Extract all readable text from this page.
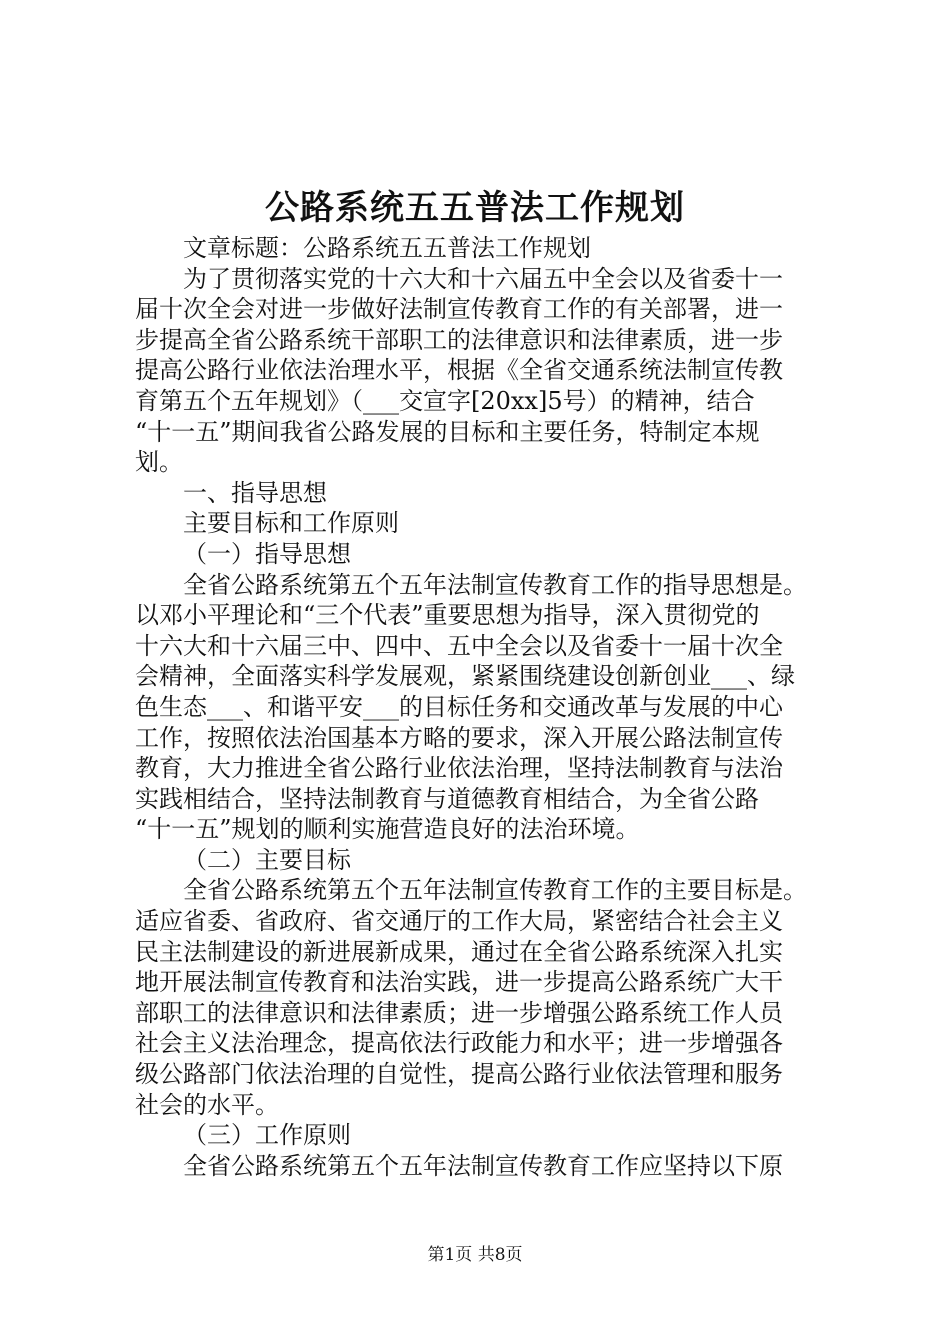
公路系统五五普法工作规划
文章标题：公路系统五五普法工作规划
为了贯彻落实党的十六大和十六届五中全会以及省委十一
届十次全会对进一步做好法制宣传教育工作的有关部署，进一
步提高全省公路系统干部职工的法律意识和法律素质，进一步
提高公路行业依法治理水平，根据《全省交通系统法制宣传教
育第五个五年规划》（___交宣字[20xx]5号）的精神，结合
“十一五”期间我省公路发展的目标和主要任务，特制定本规
划。
一、指导思想
主要目标和工作原则
（一）指导思想
全省公路系统第五个五年法制宣传教育工作的指导思想是。
以邓小平理论和“三个代表”重要思想为指导，深入贯彻党的
十六大和十六届三中、四中、五中全会以及省委十一届十次全
会精神，全面落实科学发展观，紧紧围绕建设创新创业___、绿
色生态___、和谐平安___的目标任务和交通改革与发展的中心
工作，按照依法治国基本方略的要求，深入开展公路法制宣传
教育，大力推进全省公路行业依法治理，坚持法制教育与法治
实践相结合，坚持法制教育与道德教育相结合，为全省公路
“十一五”规划的顺利实施营造良好的法治环境。
（二）主要目标
全省公路系统第五个五年法制宣传教育工作的主要目标是。
适应省委、省政府、省交通厅的工作大局，紧密结合社会主义
民主法制建设的新进展新成果，通过在全省公路系统深入扎实
地开展法制宣传教育和法治实践，进一步提高公路系统广大干
部职工的法律意识和法律素质；进一步增强公路系统工作人员
社会主义法治理念，提高依法行政能力和水平；进一步增强各
级公路部门依法治理的自觉性，提高公路行业依法管理和服务
社会的水平。
（三）工作原则
全省公路系统第五个五年法制宣传教育工作应坚持以下原
第1页 共8页
